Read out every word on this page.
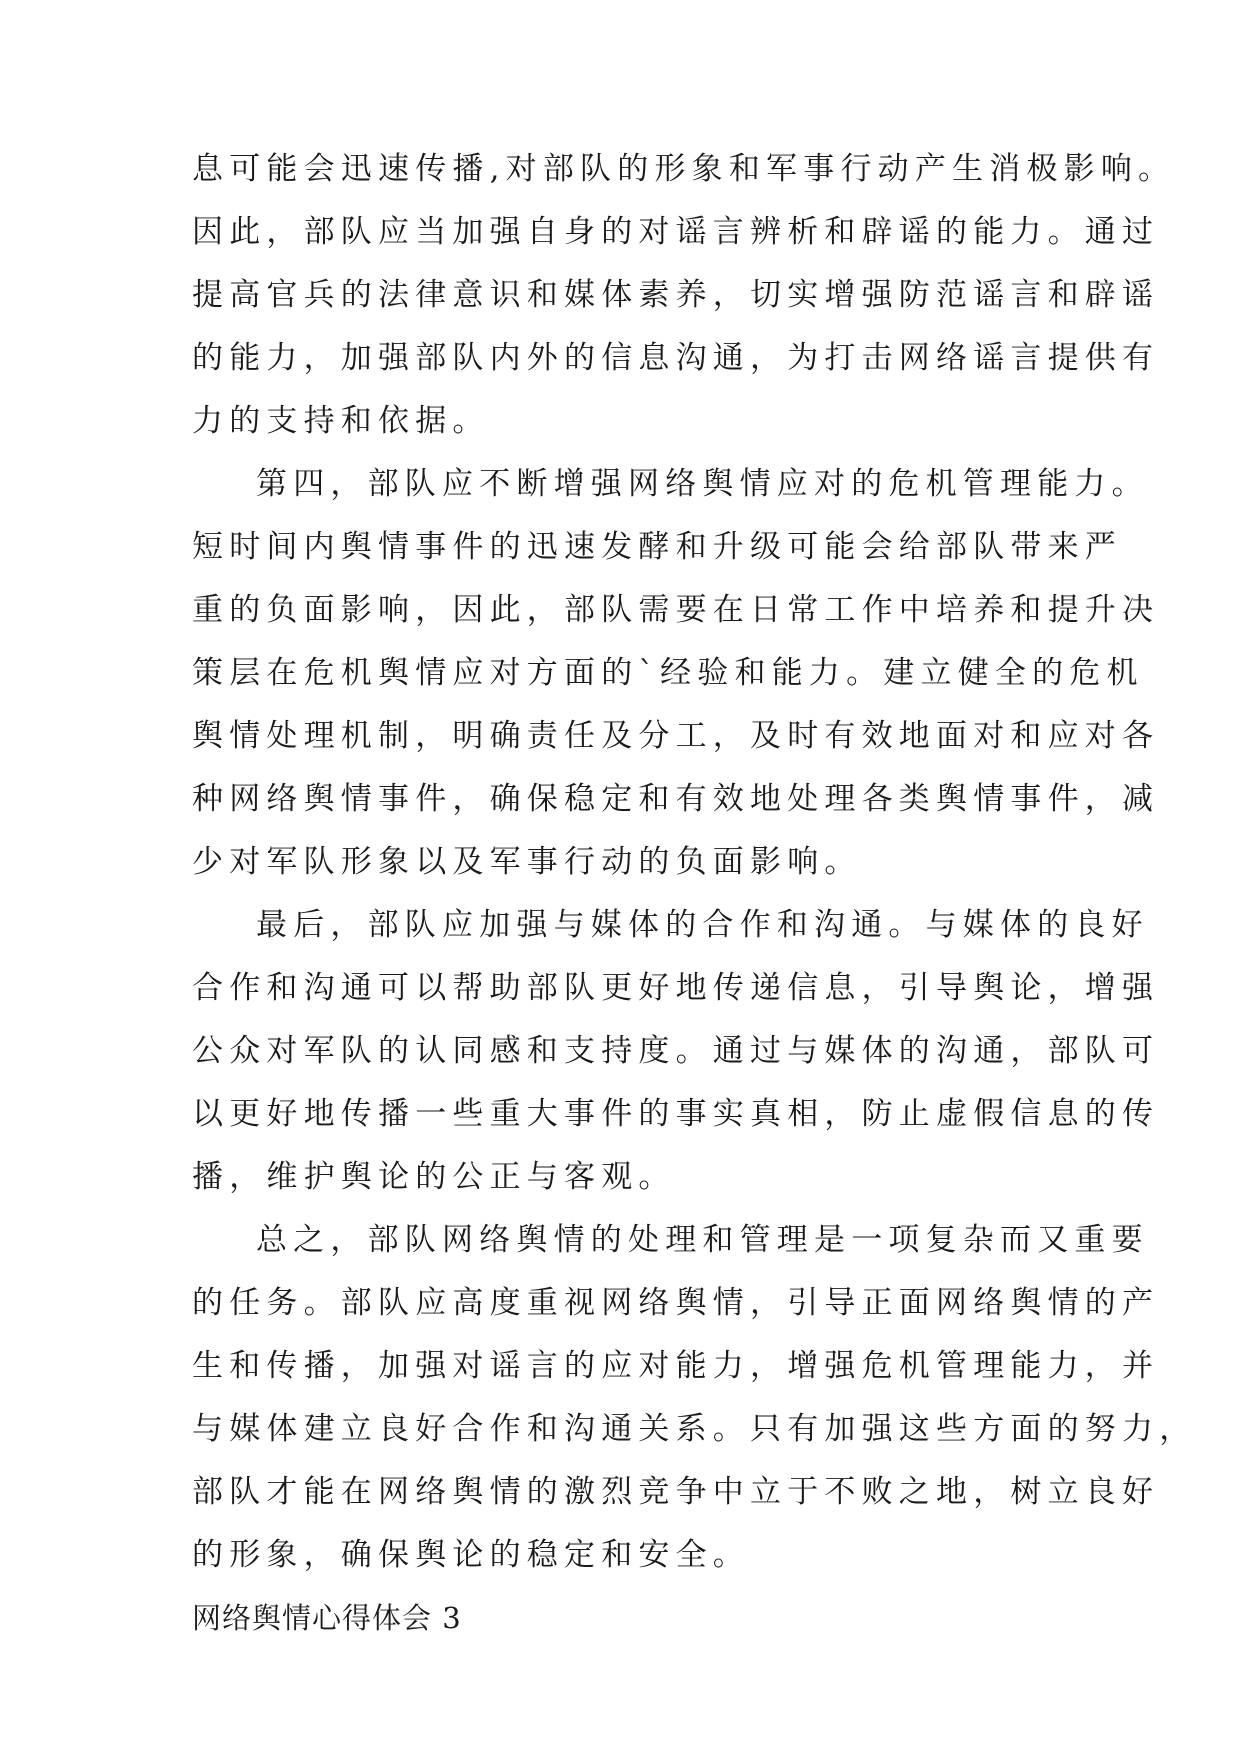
息可能会迅速传播,对部队的形象和军事行动产生消极影响。
因此，部队应当加强自身的对谣言辨析和辟谣的能力。通过
提高官兵的法律意识和媒体素养，切实增强防范谣言和辟谣
的能力，加强部队内外的信息沟通，为打击网络谣言提供有
力的支持和依据。
第四，部队应不断增强网络舆情应对的危机管理能力。
短时间内舆情事件的迅速发酵和升级可能会给部队带来严
重的负面影响，因此，部队需要在日常工作中培养和提升决
策层在危机舆情应对方面的`经验和能力。建立健全的危机
舆情处理机制，明确责任及分工，及时有效地面对和应对各
种网络舆情事件，确保稳定和有效地处理各类舆情事件，减
少对军队形象以及军事行动的负面影响。
最后，部队应加强与媒体的合作和沟通。与媒体的良好
合作和沟通可以帮助部队更好地传递信息，引导舆论，增强
公众对军队的认同感和支持度。通过与媒体的沟通，部队可
以更好地传播一些重大事件的事实真相，防止虚假信息的传
播，维护舆论的公正与客观。
总之，部队网络舆情的处理和管理是一项复杂而又重要
的任务。部队应高度重视网络舆情，引导正面网络舆情的产
生和传播，加强对谣言的应对能力，增强危机管理能力，并
与媒体建立良好合作和沟通关系。只有加强这些方面的努力，
部队才能在网络舆情的激烈竞争中立于不败之地，树立良好
的形象，确保舆论的稳定和安全。
网络舆情心得体会 3
